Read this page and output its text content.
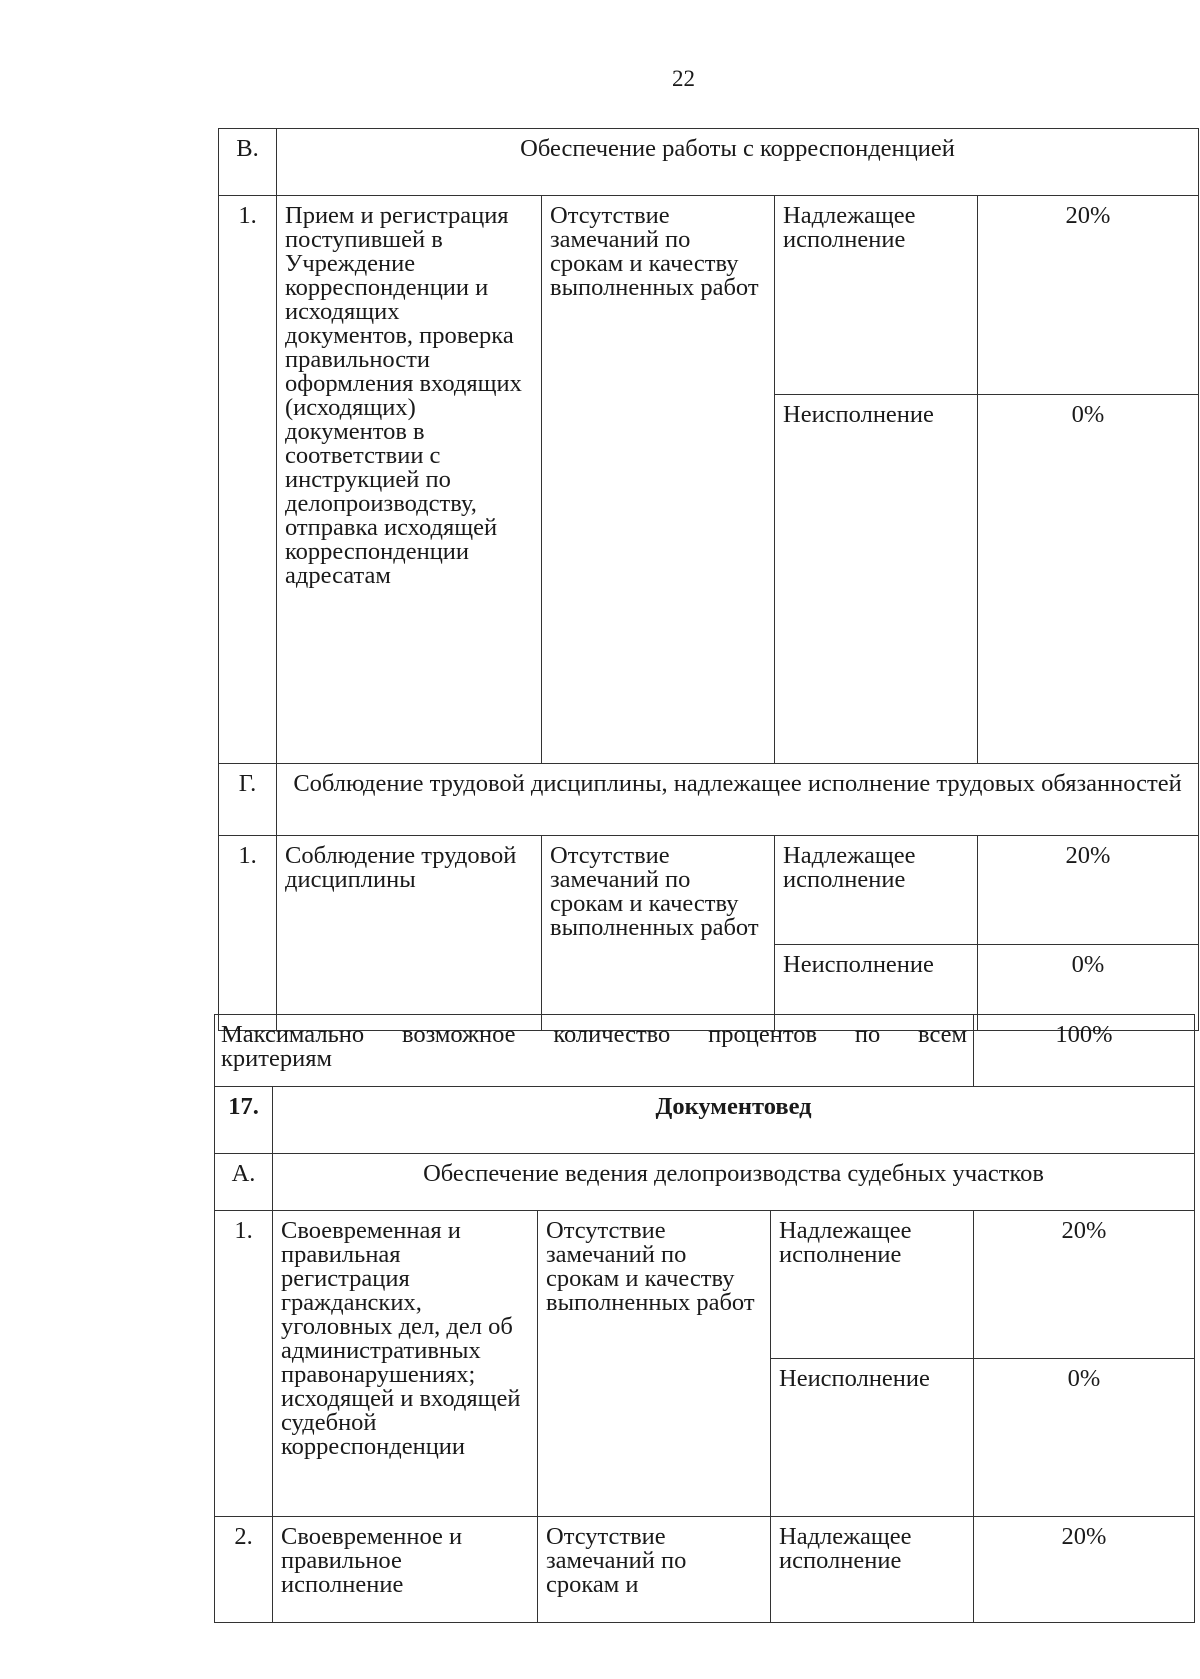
22
В.	Обеспечение работы с корреспонденцией			
1.	Прием и регистрация поступившей в Учреждение корреспонденции и исходящих документов, проверка правильности оформления входящих (исходящих) документов в соответствии с инструкцией по делопроизводству, отправка исходящей корреспонденции адресатам	Отсутствие замечаний по срокам и качеству выполненных работ	Надлежащее исполнение	20%
			Неисполнение	0%
Г.	Соблюдение трудовой дисциплины, надлежащее исполнение трудовых обязанностей			
1.	Соблюдение трудовой дисциплины	Отсутствие замечаний по срокам и качеству выполненных работ	Надлежащее исполнение	20%
			Неисполнение	0%
Максимально возможное количество процентов по всем
критериям
	100%
17.	Документовед			
А.	Обеспечение ведения делопроизводства судебных участков			
1.	Своевременная и правильная регистрация гражданских, уголовных дел, дел об административных правонарушениях; исходящей и входящей судебной корреспонденции	Отсутствие замечаний по срокам и качеству выполненных работ	Надлежащее исполнение	20%
			Неисполнение	0%
2.	Своевременное и правильное исполнение	Отсутствие замечаний по срокам и	Надлежащее исполнение	20%
